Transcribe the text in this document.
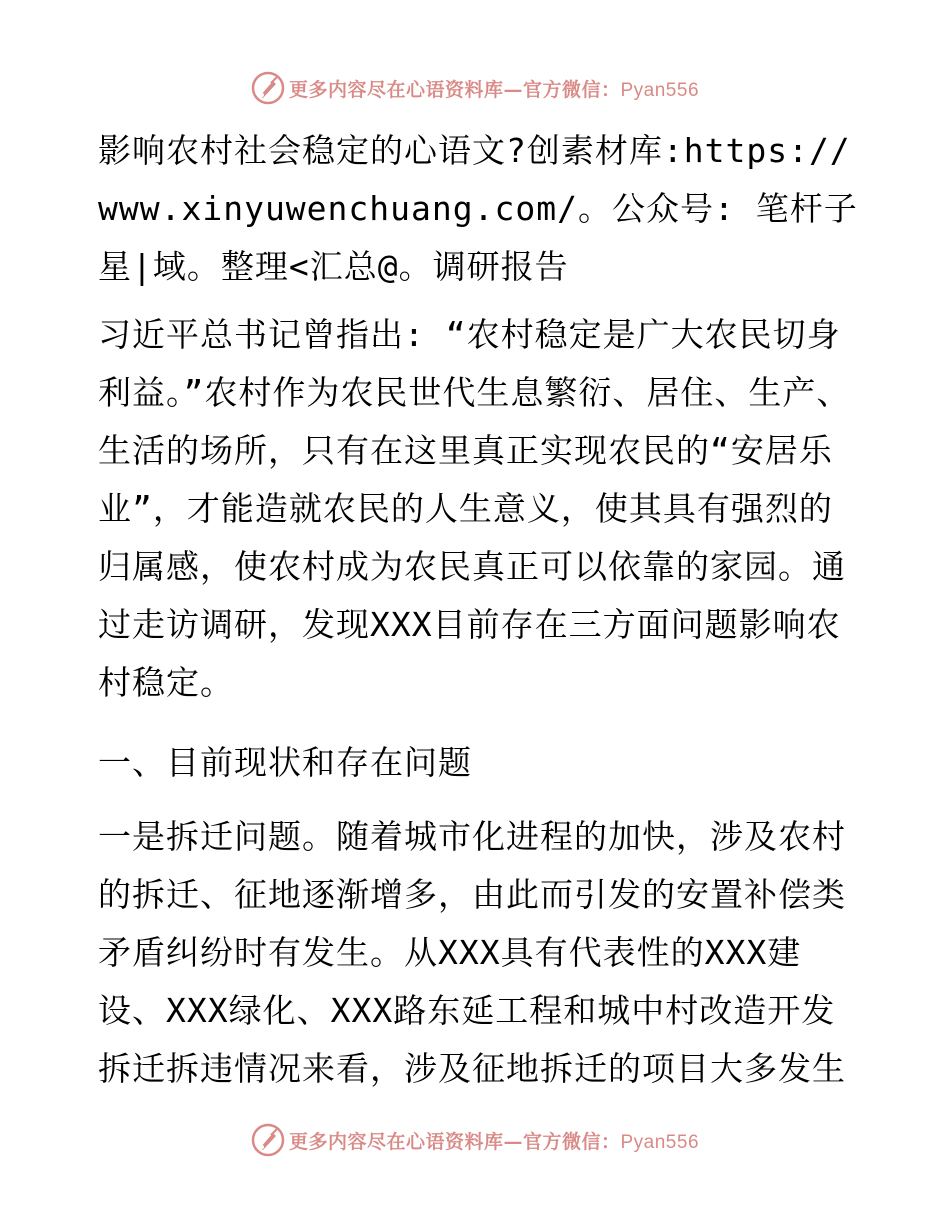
更多内容尽在心语资料库—官方微信：Pyan556

影响农村社会稳定的心语文?创素材库:https://www.xinyuwenchuang.com/。公众号: 笔杆子星|域。整理<汇总@。调研报告

习近平总书记曾指出: “农村稳定是广大农民切身利益。”农村作为农民世代生息繁衍、居住、生产、生活的场所，只有在这里真正实现农民的“安居乐业”，才能造就农民的人生意义，使其具有强烈的归属感，使农村成为农民真正可以依靠的家园。通过走访调研，发现XXX目前存在三方面问题影响农村稳定。

一、目前现状和存在问题

一是拆迁问题。随着城市化进程的加快，涉及农村的拆迁、征地逐渐增多，由此而引发的安置补偿类矛盾纠纷时有发生。从XXX具有代表性的XXX建设、XXX绿化、XXX路东延工程和城中村改造开发拆迁拆违情况来看，涉及征地拆迁的项目大多发生

更多内容尽在心语资料库—官方微信：Pyan556
